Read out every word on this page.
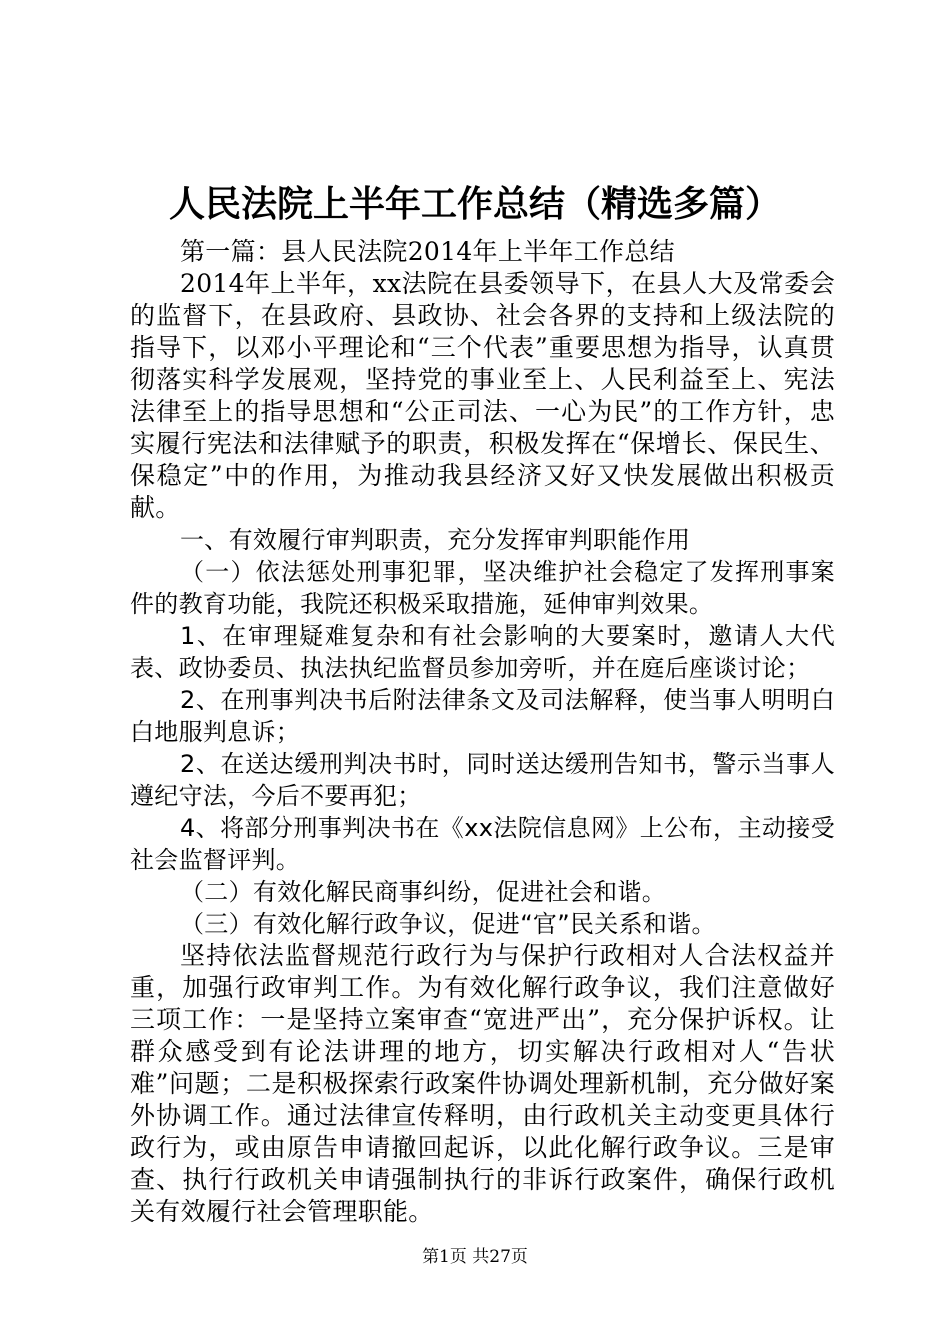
人民法院上半年工作总结（精选多篇）

第一篇：县人民法院2014年上半年工作总结

2014年上半年，xx法院在县委领导下，在县人大及常委会的监督下，在县政府、县政协、社会各界的支持和上级法院的指导下，以邓小平理论和“三个代表”重要思想为指导，认真贯彻落实科学发展观，坚持党的事业至上、人民利益至上、宪法法律至上的指导思想和“公正司法、一心为民”的工作方针，忠实履行宪法和法律赋予的职责，积极发挥在“保增长、保民生、保稳定”中的作用，为推动我县经济又好又快发展做出积极贡献。

一、有效履行审判职责，充分发挥审判职能作用

（一）依法惩处刑事犯罪，坚决维护社会稳定了发挥刑事案件的教育功能，我院还积极采取措施，延伸审判效果。

1、在审理疑难复杂和有社会影响的大要案时，邀请人大代表、政协委员、执法执纪监督员参加旁听，并在庭后座谈讨论；

2、在刑事判决书后附法律条文及司法解释，使当事人明明白白地服判息诉；

2、在送达缓刑判决书时，同时送达缓刑告知书，警示当事人遵纪守法，今后不要再犯；

4、将部分刑事判决书在《xx法院信息网》上公布，主动接受社会监督评判。

（二）有效化解民商事纠纷，促进社会和谐。

（三）有效化解行政争议，促进“官”民关系和谐。

坚持依法监督规范行政行为与保护行政相对人合法权益并重，加强行政审判工作。为有效化解行政争议，我们注意做好三项工作：一是坚持立案审查“宽进严出”，充分保护诉权。让群众感受到有论法讲理的地方，切实解决行政相对人“告状难”问题；二是积极探索行政案件协调处理新机制，充分做好案外协调工作。通过法律宣传释明，由行政机关主动变更具体行政行为，或由原告申请撤回起诉，以此化解行政争议。三是审查、执行行政机关申请强制执行的非诉行政案件，确保行政机关有效履行社会管理职能。

第1页 共27页
